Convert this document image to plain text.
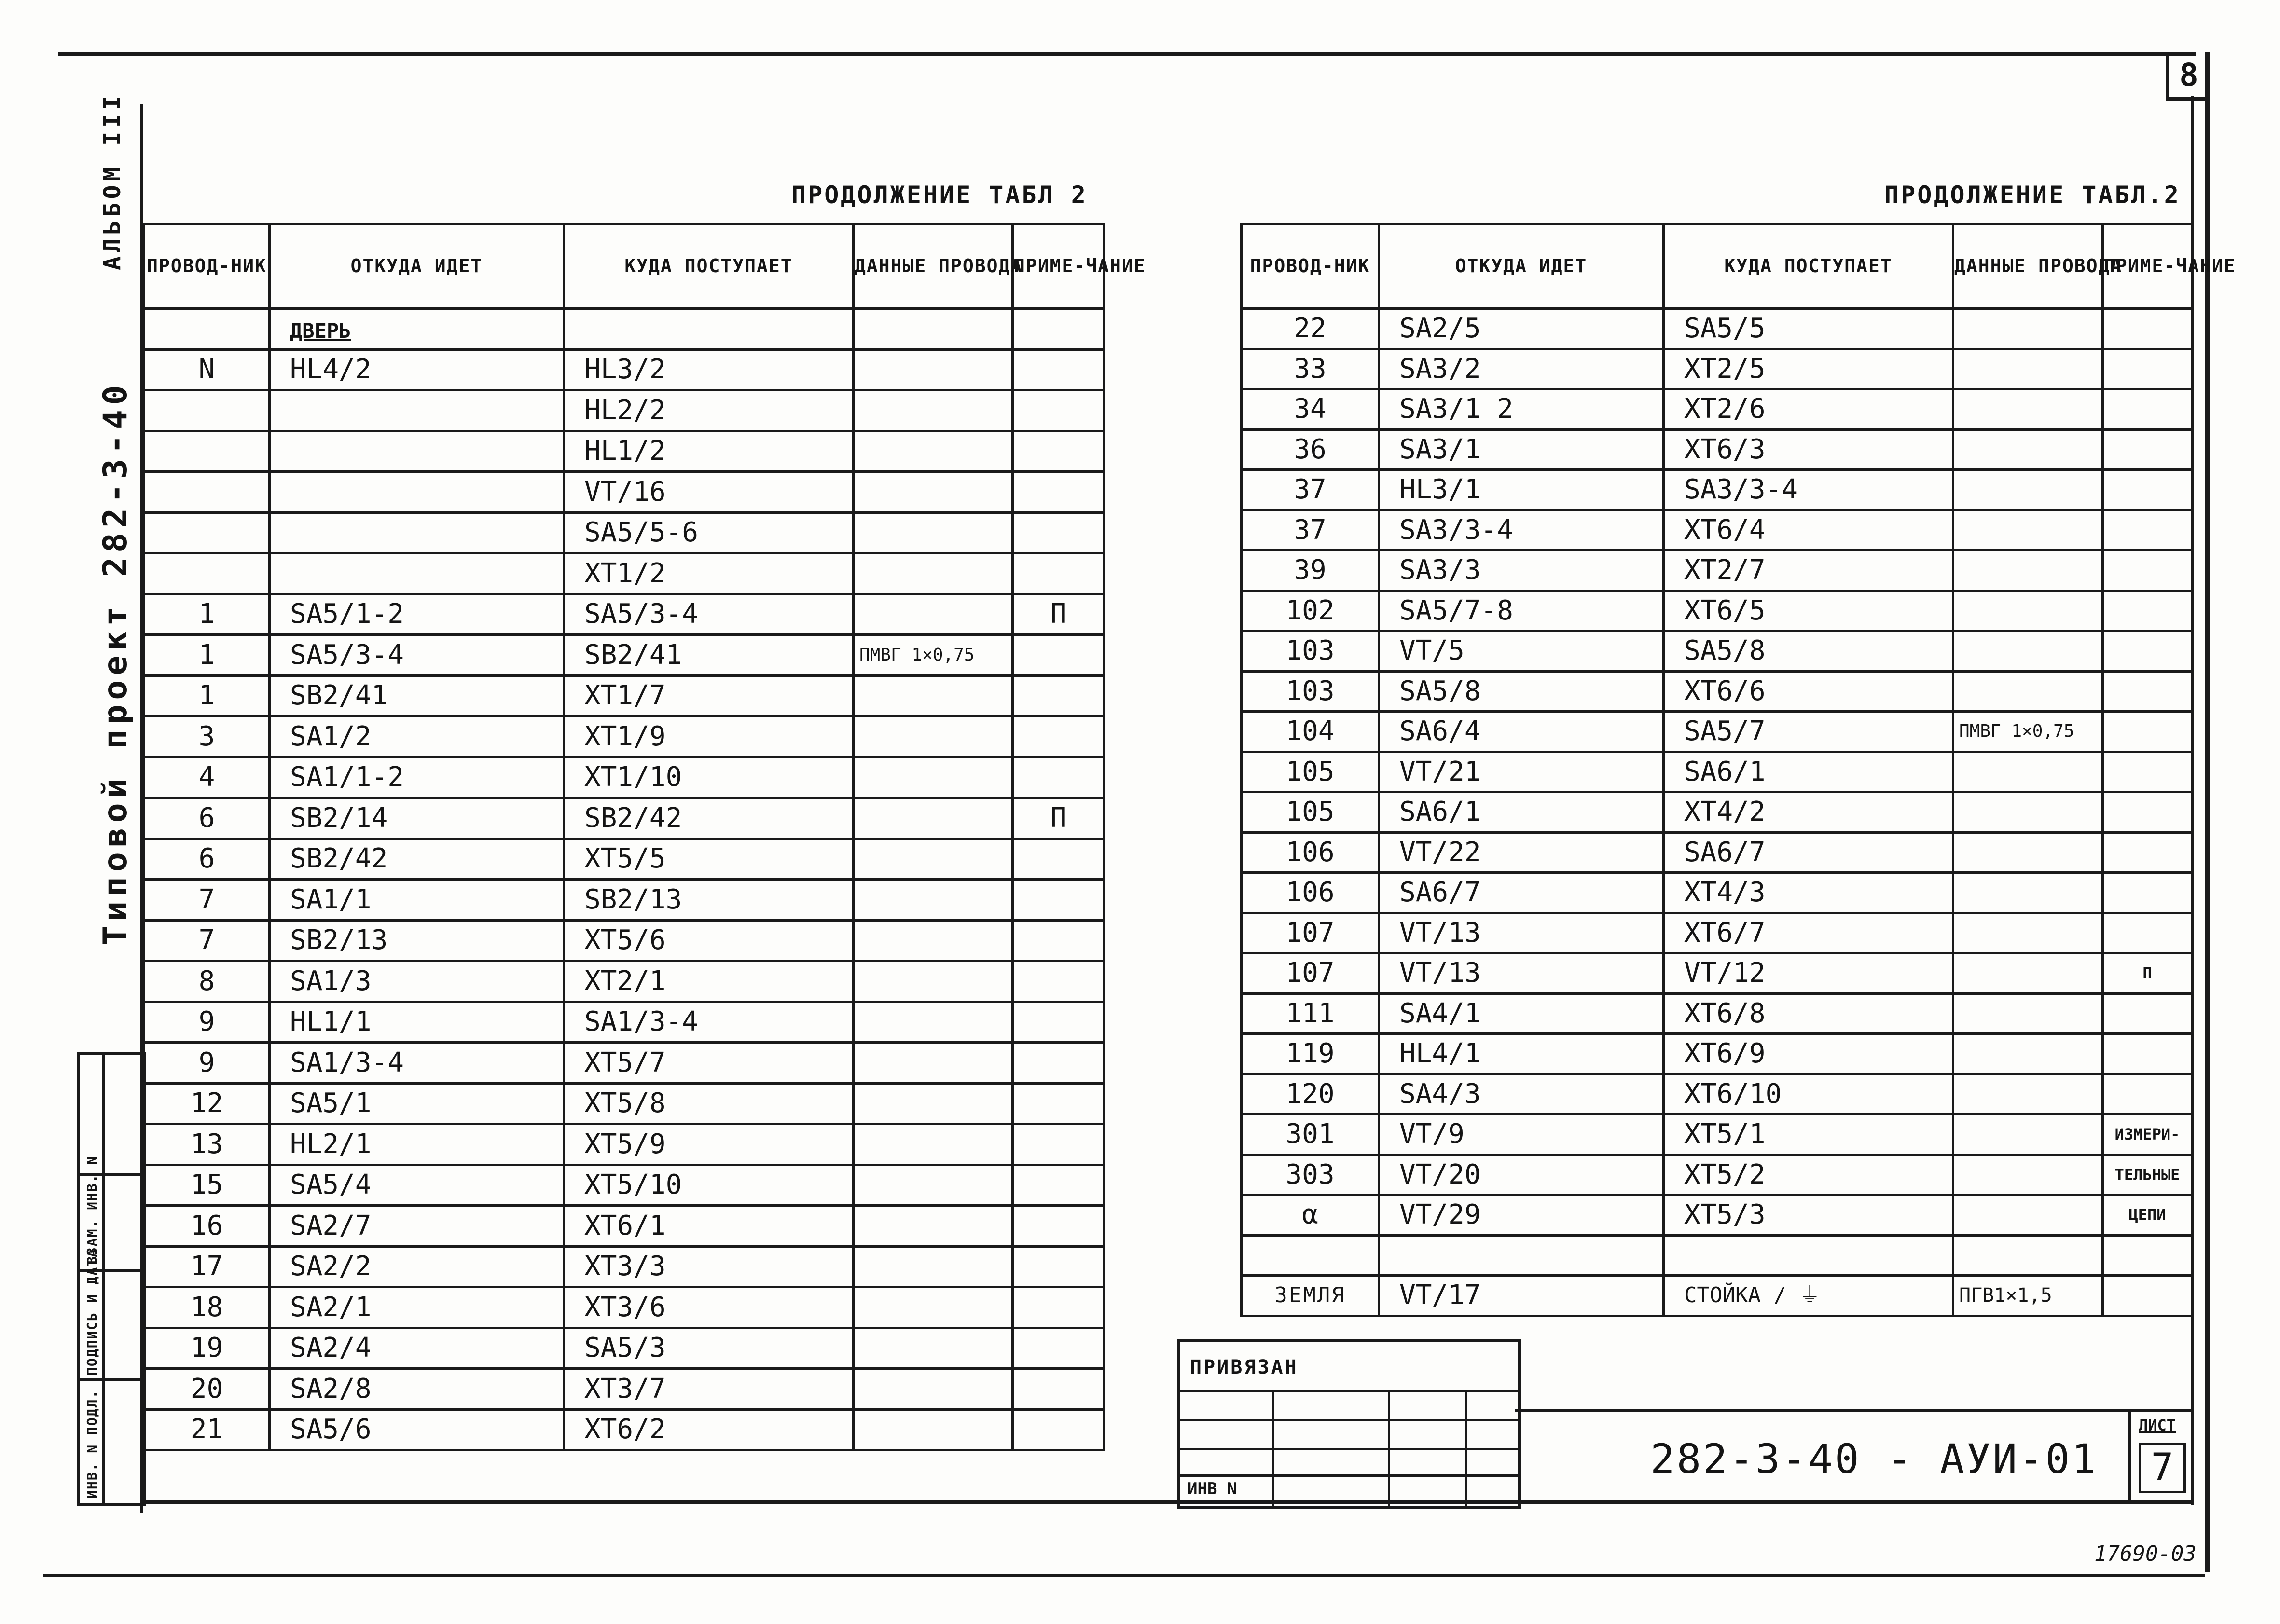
8
АЛЬБОМ III
Типовой проект 282-3-40
ПРОДОЛЖЕНИЕ ТАБЛ 2
ПРОВОД-НИК	ОТКУДА ИДЕТ	КУДА ПОСТУПАЕТ	ДАННЫЕ ПРОВОДА	ПРИМЕ-ЧАНИЕ
	ДВЕРЬ			
N	HL4/2	HL3/2		
		HL2/2		
		HL1/2		
		VT/16		
		SA5/5-6		
		XT1/2		
1	SA5/1-2	SA5/3-4		П
1	SA5/3-4	SB2/41	ПМВГ 1×0,75	
1	SB2/41	XT1/7		
3	SA1/2	XT1/9		
4	SA1/1-2	XT1/10		
6	SB2/14	SB2/42		П
6	SB2/42	XT5/5		
7	SA1/1	SB2/13		
7	SB2/13	XT5/6		
8	SA1/3	XT2/1		
9	HL1/1	SA1/3-4		
9	SA1/3-4	XT5/7		
12	SA5/1	XT5/8		
13	HL2/1	XT5/9		
15	SA5/4	XT5/10		
16	SA2/7	XT6/1		
17	SA2/2	XT3/3		
18	SA2/1	XT3/6		
19	SA2/4	SA5/3		
20	SA2/8	XT3/7		
21	SA5/6	XT6/2		
ПРОДОЛЖЕНИЕ ТАБЛ.2
ПРОВОД-НИК	ОТКУДА ИДЕТ	КУДА ПОСТУПАЕТ	ДАННЫЕ ПРОВОДА	ПРИМЕ-ЧАНИЕ
22	SA2/5	SA5/5		
33	SA3/2	XT2/5		
34	SA3/1 2	XT2/6		
36	SA3/1	XT6/3		
37	HL3/1	SA3/3-4		
37	SA3/3-4	XT6/4		
39	SA3/3	XT2/7		
102	SA5/7-8	XT6/5		
103	VT/5	SA5/8		
103	SA5/8	XT6/6		
104	SA6/4	SA5/7	ПМВГ 1×0,75	
105	VT/21	SA6/1		
105	SA6/1	XT4/2		
106	VT/22	SA6/7		
106	SA6/7	XT4/3		
107	VT/13	XT6/7		
107	VT/13	VT/12		П
111	SA4/1	XT6/8		
119	HL4/1	XT6/9		
120	SA4/3	XT6/10		
301	VT/9	XT5/1		ИЗМЕРИ-
303	VT/20	XT5/2		ТЕЛЬНЫЕ
α	VT/29	XT5/3		ЦЕПИ

ЗЕМЛЯ	VT/17	СТОЙКА / ⏚	ПГВ1×1,5	
ИНВ. N ПОДЛ.
ПОДПИСЬ И ДАТА
ВЗАМ. ИНВ. N
ПРИВЯЗАН
ИНВ N
282-3-40 - АУИ-01
ЛИСТ
7
17690-03
